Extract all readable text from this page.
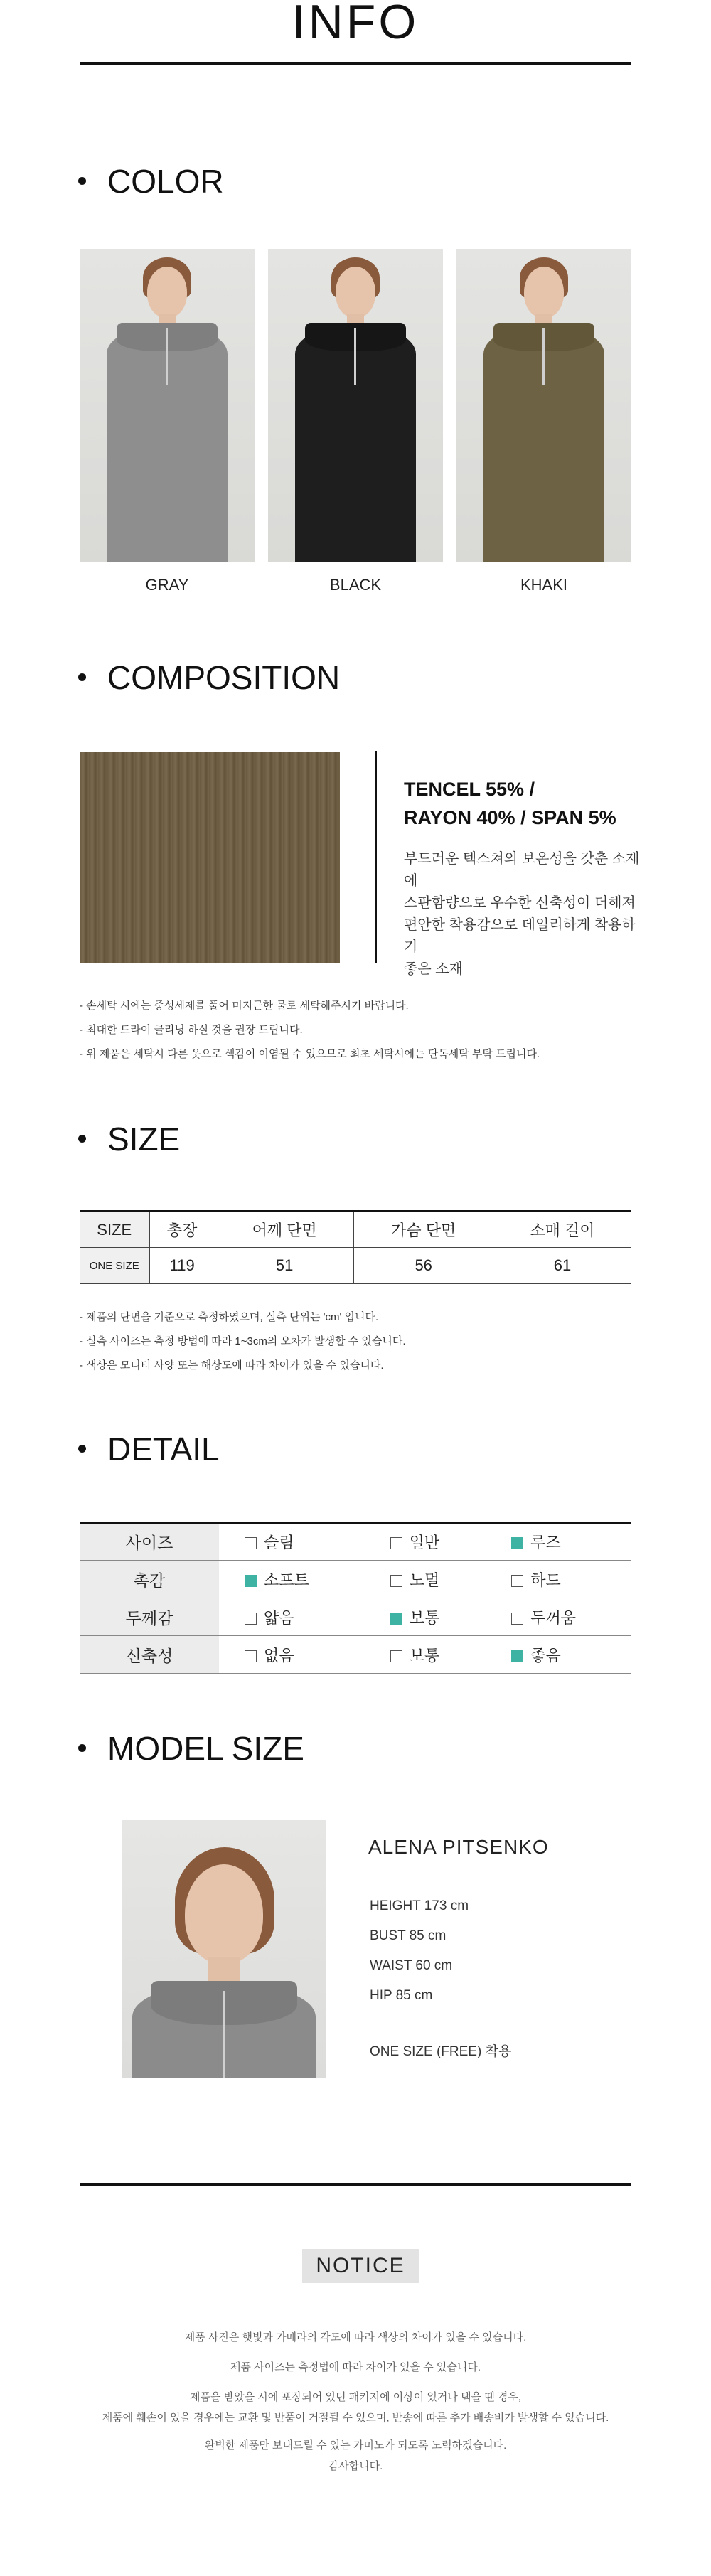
INFO
COLOR
GRAY	BLACK	KHAKI
COMPOSITION
TENCEL 55% /
RAYON 40% / SPAN 5%
부드러운 텍스쳐의 보온성을 갖춘 소재에
스판함량으로 우수한 신축성이 더해져
편안한 착용감으로 데일리하게 착용하기
좋은 소재
- 손세탁 시에는 중성세제를 풀어 미지근한 물로 세탁해주시기 바랍니다.
- 최대한 드라이 클리닝 하실 것을 권장 드립니다.
- 위 제품은 세탁시 다른 옷으로 색감이 이염될 수 있으므로 최초 세탁시에는 단독세탁 부탁 드립니다.
SIZE
SIZE	총장	어깨 단면	가슴 단면	소매 길이
ONE SIZE	119	51	56	61
- 제품의 단면을 기준으로 측정하였으며, 실측 단위는 'cm' 입니다.
- 실측 사이즈는 측정 방법에 따라 1~3cm의 오차가 발생할 수 있습니다.
- 색상은 모니터 사양 또는 해상도에 따라 차이가 있을 수 있습니다.
DETAIL
사이즈	슬림	일반	루즈
촉감	소프트	노멀	하드
두께감	얇음	보통	두꺼움
신축성	없음	보통	좋음
MODEL SIZE
ALENA PITSENKO
HEIGHT 173 cm
BUST 85 cm
WAIST 60 cm
HIP 85 cm
ONE SIZE (FREE) 착용
NOTICE
제품 사진은 햇빛과 카메라의 각도에 따라 색상의 차이가 있을 수 있습니다.
제품 사이즈는 측정법에 따라 차이가 있을 수 있습니다.
제품을 받았을 시에 포장되어 있던 패키지에 이상이 있거나 택을 뗀 경우,
제품에 훼손이 있을 경우에는 교환 및 반품이 거절될 수 있으며, 반송에 따른 추가 배송비가 발생할 수 있습니다.
완벽한 제품만 보내드릴 수 있는 카미노가 되도록 노력하겠습니다.
감사합니다.
